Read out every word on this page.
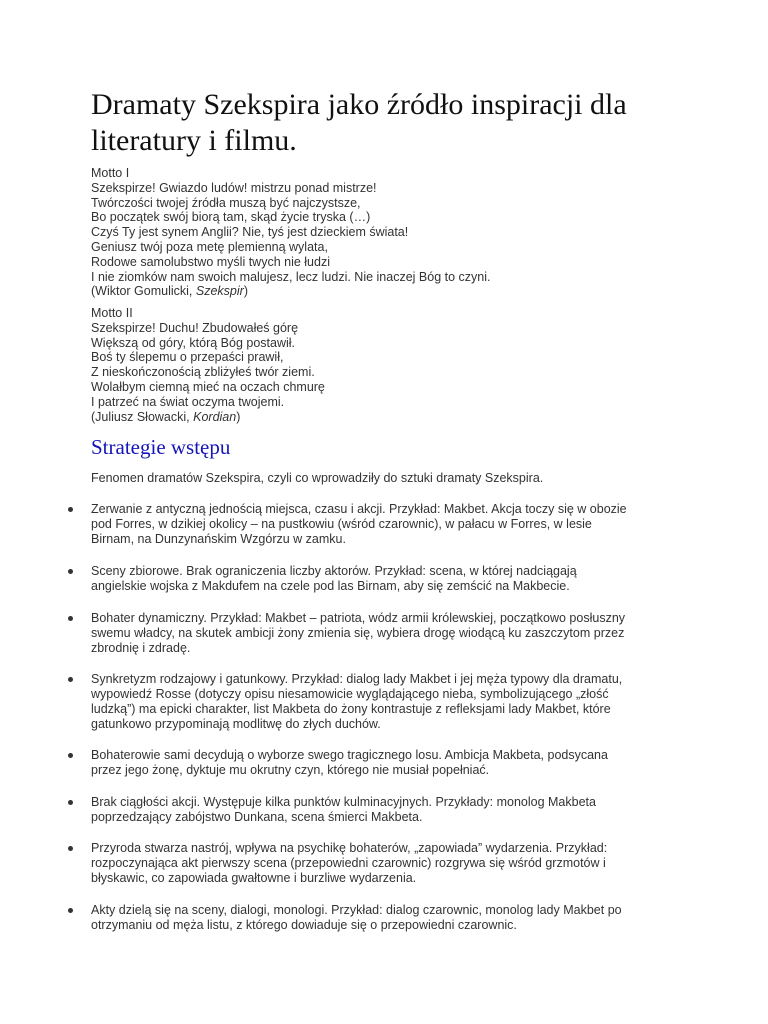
Dramaty Szekspira jako źródło inspiracji dla
literatury i filmu.
Motto I
Szekspirze! Gwiazdo ludów! mistrzu ponad mistrze!
Twórczości twojej źródła muszą być najczystsze,
Bo początek swój biorą tam, skąd życie tryska (…)
Czyś Ty jest synem Anglii? Nie, tyś jest dzieckiem świata!
Geniusz twój poza metę plemienną wylata,
Rodowe samolubstwo myśli twych nie łudzi
I nie ziomków nam swoich malujesz, lecz ludzi. Nie inaczej Bóg to czyni.
(Wiktor Gomulicki, Szekspir)
Motto II
Szekspirze! Duchu! Zbudowałeś górę
Większą od góry, którą Bóg postawił.
Boś ty ślepemu o przepaści prawił,
Z nieskończonością zbliżyłeś twór ziemi.
Wolałbym ciemną mieć na oczach chmurę
I patrzeć na świat oczyma twojemi.
(Juliusz Słowacki, Kordian)
Strategie wstępu

Fenomen dramatów Szekspira, czyli co wprowadziły do sztuki dramaty Szekspira.

Zerwanie z antyczną jednością miejsca, czasu i akcji. Przykład: Makbet. Akcja toczy się w obozie
pod Forres, w dzikiej okolicy – na pustkowiu (wśród czarownic), w pałacu w Forres, w lesie
Birnam, na Dunzynańskim Wzgórzu w zamku.
Sceny zbiorowe. Brak ograniczenia liczby aktorów. Przykład: scena, w której nadciągają
angielskie wojska z Makdufem na czele pod las Birnam, aby się zemścić na Makbecie.
Bohater dynamiczny. Przykład: Makbet – patriota, wódz armii królewskiej, początkowo posłuszny
swemu władcy, na skutek ambicji żony zmienia się, wybiera drogę wiodącą ku zaszczytom przez
zbrodnię i zdradę.
Synkretyzm rodzajowy i gatunkowy. Przykład: dialog lady Makbet i jej męża typowy dla dramatu,
wypowiedź Rosse (dotyczy opisu niesamowicie wyglądającego nieba, symbolizującego „złość
ludzką”) ma epicki charakter, list Makbeta do żony kontrastuje z refleksjami lady Makbet, które
gatunkowo przypominają modlitwę do złych duchów.
Bohaterowie sami decydują o wyborze swego tragicznego losu. Ambicja Makbeta, podsycana
przez jego żonę, dyktuje mu okrutny czyn, którego nie musiał popełniać.
Brak ciągłości akcji. Występuje kilka punktów kulminacyjnych. Przykłady: monolog Makbeta
poprzedzający zabójstwo Dunkana, scena śmierci Makbeta.
Przyroda stwarza nastrój, wpływa na psychikę bohaterów, „zapowiada” wydarzenia. Przykład:
rozpoczynająca akt pierwszy scena (przepowiedni czarownic) rozgrywa się wśród grzmotów i
błyskawic, co zapowiada gwałtowne i burzliwe wydarzenia.
Akty dzielą się na sceny, dialogi, monologi. Przykład: dialog czarownic, monolog lady Makbet po
otrzymaniu od męża listu, z którego dowiaduje się o przepowiedni czarownic.
